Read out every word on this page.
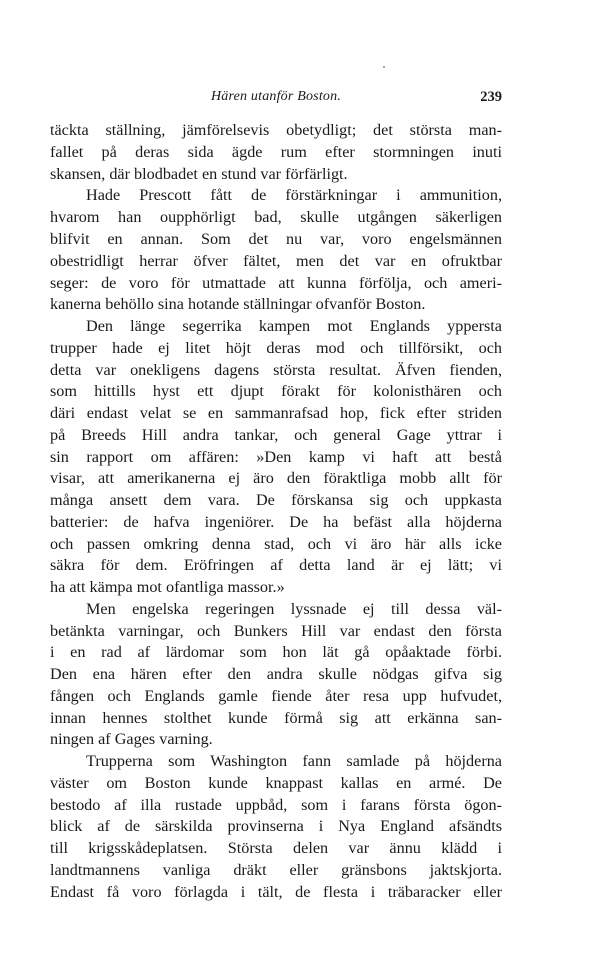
Hären utanför Boston.	239
täckta ställning, jämförelsevis obetydligt; det största man-
fallet på deras sida ägde rum efter stormningen inuti
skansen, där blodbadet en stund var förfärligt.
Hade Prescott fått de förstärkningar i ammunition,
hvarom han oupphörligt bad, skulle utgången säkerligen
blifvit en annan. Som det nu var, voro engelsmännen
obestridligt herrar öfver fältet, men det var en ofruktbar
seger: de voro för utmattade att kunna förfölja, och ameri-
kanerna behöllo sina hotande ställningar ofvanför Boston.
Den länge segerrika kampen mot Englands yppersta
trupper hade ej litet höjt deras mod och tillförsikt, och
detta var onekligens dagens största resultat. Äfven fienden,
som hittills hyst ett djupt förakt för kolonisthären och
däri endast velat se en sammanrafsad hop, fick efter striden
på Breeds Hill andra tankar, och general Gage yttrar i
sin rapport om affären: »Den kamp vi haft att bestå
visar, att amerikanerna ej äro den föraktliga mobb allt för
många ansett dem vara. De förskansa sig och uppkasta
batterier: de hafva ingeniörer. De ha befäst alla höjderna
och passen omkring denna stad, och vi äro här alls icke
säkra för dem. Eröfringen af detta land är ej lätt; vi
ha att kämpa mot ofantliga massor.»
Men engelska regeringen lyssnade ej till dessa väl-
betänkta varningar, och Bunkers Hill var endast den första
i en rad af lärdomar som hon lät gå opåaktade förbi.
Den ena hären efter den andra skulle nödgas gifva sig
fången och Englands gamle fiende åter resa upp hufvudet,
innan hennes stolthet kunde förmå sig att erkänna san-
ningen af Gages varning.
Trupperna som Washington fann samlade på höjderna
väster om Boston kunde knappast kallas en armé. De
bestodo af illa rustade uppbåd, som i farans första ögon-
blick af de särskilda provinserna i Nya England afsändts
till krigsskådeplatsen. Största delen var ännu klädd i
landtmannens vanliga dräkt eller gränsbons jaktskjorta.
Endast få voro förlagda i tält, de flesta i träbaracker eller
